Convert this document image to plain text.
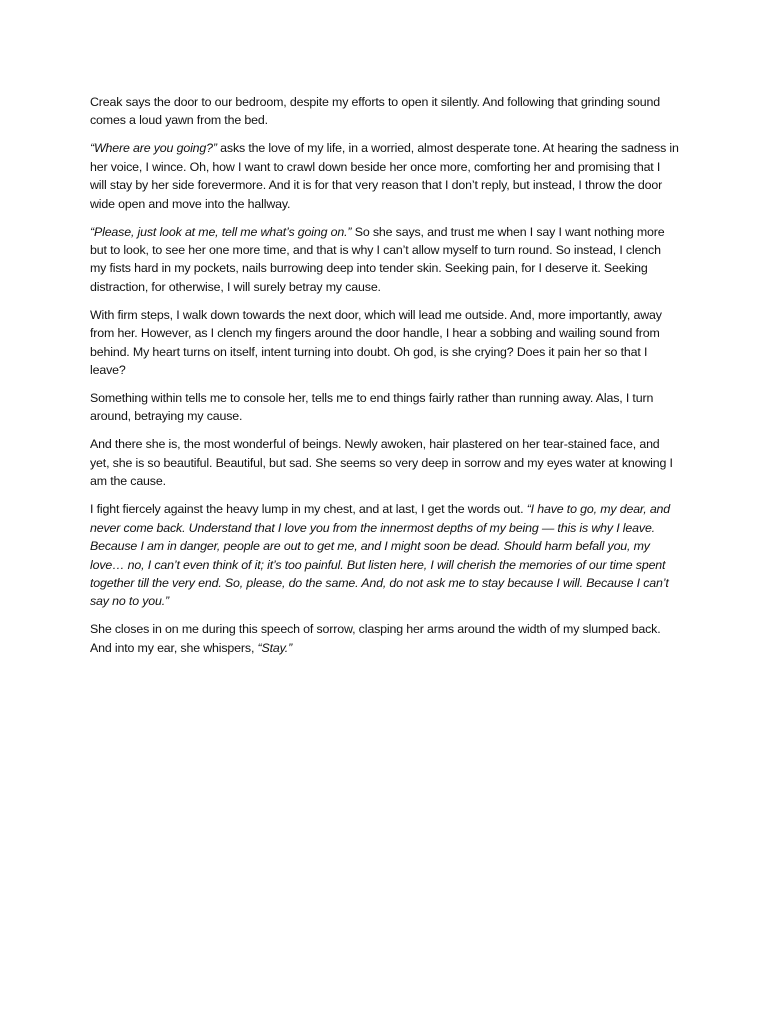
Creak says the door to our bedroom, despite my efforts to open it silently. And following that grinding sound comes a loud yawn from the bed.

“Where are you going?” asks the love of my life, in a worried, almost desperate tone. At hearing the sadness in her voice, I wince. Oh, how I want to crawl down beside her once more, comforting her and promising that I will stay by her side forevermore. And it is for that very reason that I don’t reply, but instead, I throw the door wide open and move into the hallway.

“Please, just look at me, tell me what’s going on.” So she says, and trust me when I say I want nothing more but to look, to see her one more time, and that is why I can’t allow myself to turn round. So instead, I clench my fists hard in my pockets, nails burrowing deep into tender skin. Seeking pain, for I deserve it. Seeking distraction, for otherwise, I will surely betray my cause.

With firm steps, I walk down towards the next door, which will lead me outside. And, more importantly, away from her. However, as I clench my fingers around the door handle, I hear a sobbing and wailing sound from behind. My heart turns on itself, intent turning into doubt. Oh god, is she crying? Does it pain her so that I leave?

Something within tells me to console her, tells me to end things fairly rather than running away. Alas, I turn around, betraying my cause.

And there she is, the most wonderful of beings. Newly awoken, hair plastered on her tear-stained face, and yet, she is so beautiful. Beautiful, but sad. She seems so very deep in sorrow and my eyes water at knowing I am the cause.

I fight fiercely against the heavy lump in my chest, and at last, I get the words out. “I have to go, my dear, and never come back. Understand that I love you from the innermost depths of my being — this is why I leave. Because I am in danger, people are out to get me, and I might soon be dead. Should harm befall you, my love… no, I can’t even think of it; it’s too painful. But listen here, I will cherish the memories of our time spent together till the very end. So, please, do the same. And, do not ask me to stay because I will. Because I can’t say no to you.”

She closes in on me during this speech of sorrow, clasping her arms around the width of my slumped back. And into my ear, she whispers, “Stay.”
